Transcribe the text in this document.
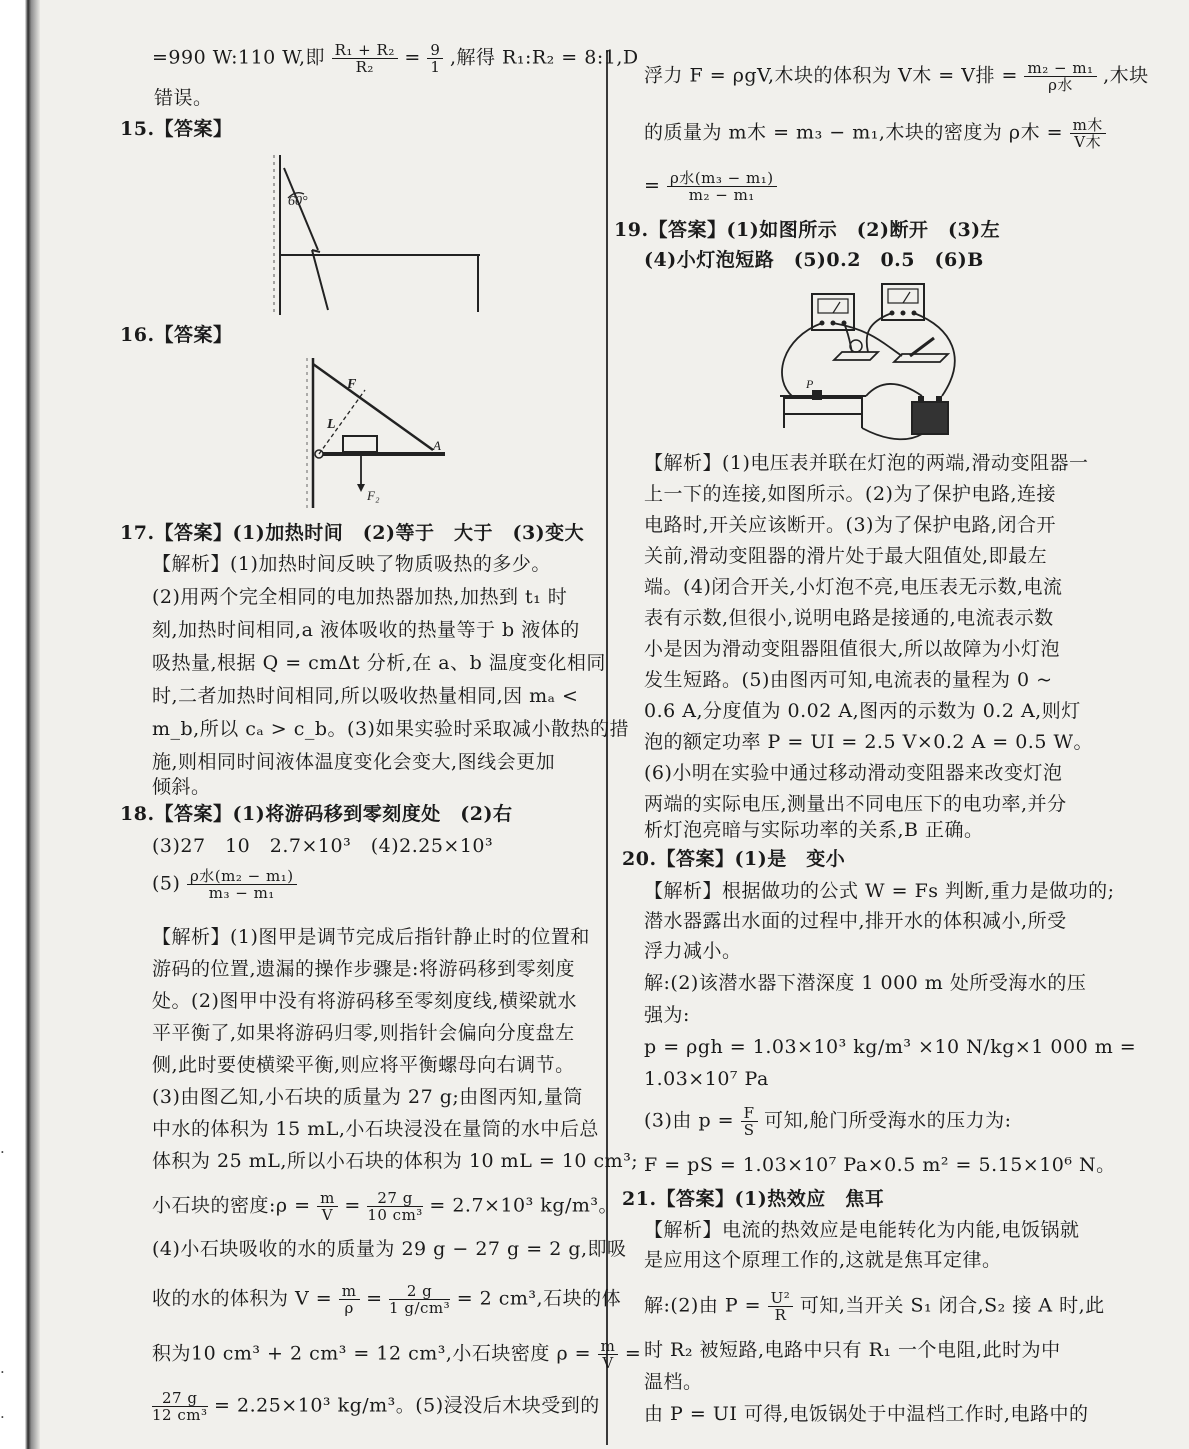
·
·
·
=990 W:110 W,即 $\frac{\text{R₁ + R₂}}{\text{R₂}} = \frac{9}{1}$ ,解得 R₁:R₂ = 8:1,D
错误。
15.【答案】
60°
16.【答案】
F
L
A
F₂
17.【答案】(1)加热时间　(2)等于　大于　(3)变大
【解析】(1)加热时间反映了物质吸热的多少。
(2)用两个完全相同的电加热器加热,加热到 t₁ 时
刻,加热时间相同,a 液体吸收的热量等于 b 液体的
吸热量,根据 Q = cmΔt 分析,在 a、b 温度变化相同
时,二者加热时间相同,所以吸收热量相同,因 mₐ <
m_b,所以 cₐ > c_b。(3)如果实验时采取减小散热的措
施,则相同时间液体温度变化会变大,图线会更加
倾斜。
18.【答案】(1)将游码移到零刻度处　(2)右
(3)27　10　2.7×10³　(4)2.25×10³
$(5) \frac{\text{ρ水(m₂ − m₁)}}{\text{m₃ − m₁}}$
【解析】(1)图甲是调节完成后指针静止时的位置和
游码的位置,遗漏的操作步骤是:将游码移到零刻度
处。(2)图甲中没有将游码移至零刻度线,横梁就水
平平衡了,如果将游码归零,则指针会偏向分度盘左
侧,此时要使横梁平衡,则应将平衡螺母向右调节。
(3)由图乙知,小石块的质量为 27 g;由图丙知,量筒
中水的体积为 15 mL,小石块浸没在量筒的水中后总
体积为 25 mL,所以小石块的体积为 10 mL = 10 cm³;
小石块的密度:ρ = $\frac{m}{V} = \frac{27 g}{\text{10 cm³}} = 2.7\times 10^3$ kg/m³。
(4)小石块吸收的水的质量为 29 g − 27 g = 2 g,即吸
收的水的体积为 $V = \frac{m}{\rho} = \frac{2 g}{\text{1 g/cm³}} = 2$ cm³,石块的体
积为10 cm³ + 2 cm³ = 12 cm³,小石块密度 $\rho = \frac{m}{V}$ =
$\frac{27 g}{\text{12 cm³}} = 2.25\times 10^3$ kg/m³。(5)浸没后木块受到的
浮力 F = ρgV,木块的体积为 V木 = V排 = $\frac{\text{m₂ − m₁}}{\text{ρ水}}$ ,木块
的质量为 m木 = m₃ − m₁,木块的密度为 ρ木 = $\frac{\text{m木}}{\text{V木}}$
= $\frac{\text{ρ水(m₃ − m₁)}}{\text{m₂ − m₁}}$
19.【答案】(1)如图所示　(2)断开　(3)左
(4)小灯泡短路　(5)0.2　0.5　(6)B
P
【解析】(1)电压表并联在灯泡的两端,滑动变阻器一
上一下的连接,如图所示。(2)为了保护电路,连接
电路时,开关应该断开。(3)为了保护电路,闭合开
关前,滑动变阻器的滑片处于最大阻值处,即最左
端。(4)闭合开关,小灯泡不亮,电压表无示数,电流
表有示数,但很小,说明电路是接通的,电流表示数
小是因为滑动变阻器阻值很大,所以故障为小灯泡
发生短路。(5)由图丙可知,电流表的量程为 0 ~
0.6 A,分度值为 0.02 A,图丙的示数为 0.2 A,则灯
泡的额定功率 P = UI = 2.5 V×0.2 A = 0.5 W。
(6)小明在实验中通过移动滑动变阻器来改变灯泡
两端的实际电压,测量出不同电压下的电功率,并分
析灯泡亮暗与实际功率的关系,B 正确。
20.【答案】(1)是　变小
【解析】根据做功的公式 W = Fs 判断,重力是做功的;
潜水器露出水面的过程中,排开水的体积减小,所受
浮力减小。
解:(2)该潜水器下潜深度 1 000 m 处所受海水的压
强为:
p = ρgh = 1.03×10³ kg/m³ ×10 N/kg×1 000 m =
1.03×10⁷ Pa
(3)由 $p = \frac{F}{S}$ 可知,舱门所受海水的压力为:
F = pS = 1.03×10⁷ Pa×0.5 m² = 5.15×10⁶ N。
21.【答案】(1)热效应　焦耳
【解析】电流的热效应是电能转化为内能,电饭锅就
是应用这个原理工作的,这就是焦耳定律。
解:(2)由 $P = \frac{\text{U²}}{R}$ 可知,当开关 S₁ 闭合,S₂ 接 A 时,此
时 R₂ 被短路,电路中只有 R₁ 一个电阻,此时为中
温档。
由 P = UI 可得,电饭锅处于中温档工作时,电路中的
